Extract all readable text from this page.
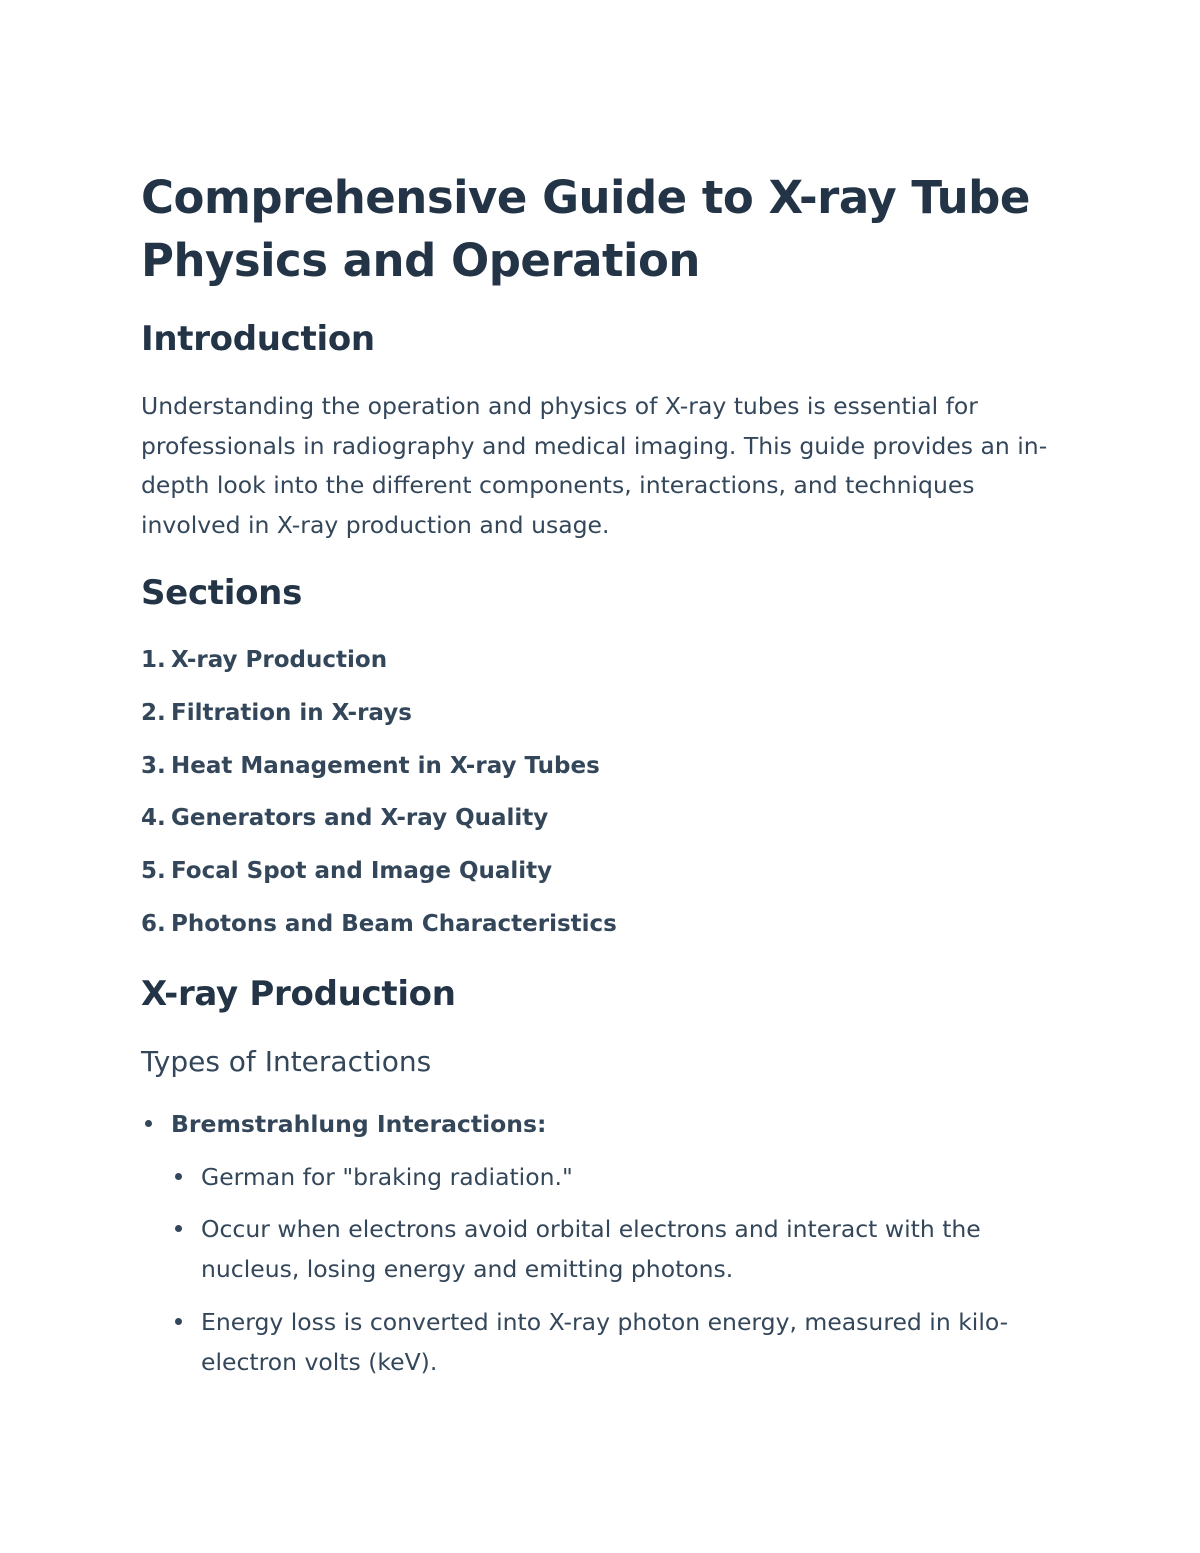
Comprehensive Guide to X-ray Tube Physics and Operation
Introduction

Understanding the operation and physics of X-ray tubes is essential for professionals in radiography and medical imaging. This guide provides an in-depth look into the different components, interactions, and techniques involved in X-ray production and usage.

Sections
1. X-ray Production
2. Filtration in X-rays
3. Heat Management in X-ray Tubes
4. Generators and X-ray Quality
5. Focal Spot and Image Quality
6. Photons and Beam Characteristics
X-ray Production
Types of Interactions
Bremstrahlung Interactions:
German for "braking radiation."
Occur when electrons avoid orbital electrons and interact with the nucleus, losing energy and emitting photons.
Energy loss is converted into X-ray photon energy, measured in kilo-electron volts (keV).
